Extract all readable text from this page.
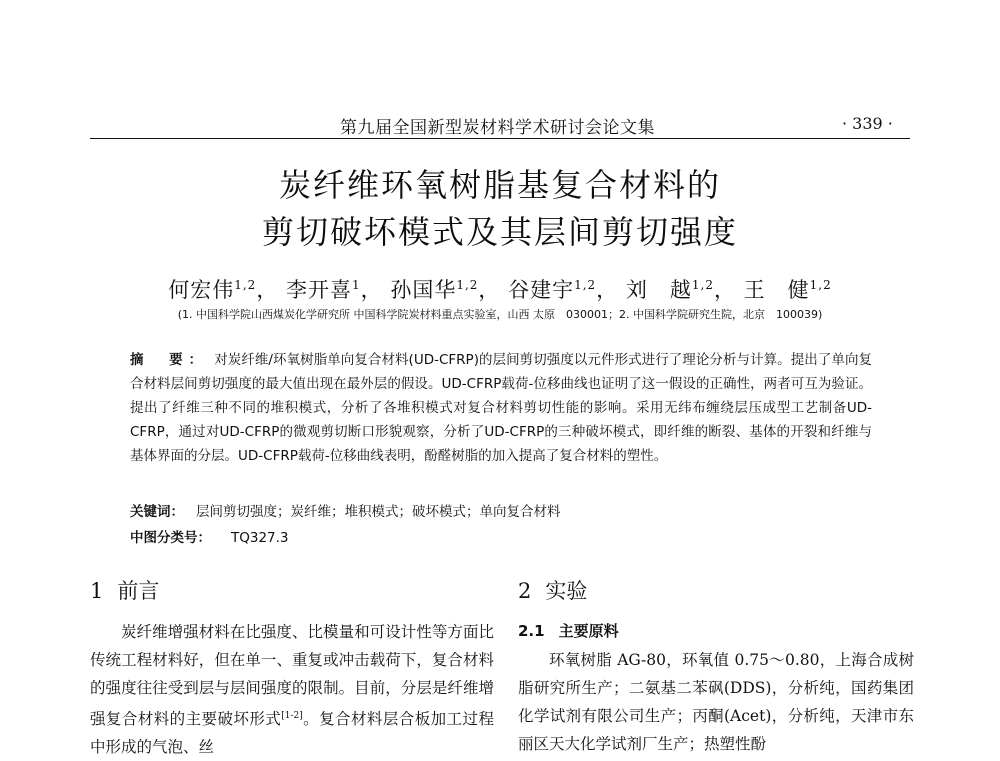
第九届全国新型炭材料学术研讨会论文集	· 339 ·
炭纤维环氧树脂基复合材料的
剪切破坏模式及其层间剪切强度
何宏伟$^{1,2}$， 李开喜$^1$， 孙国华$^{1,2}$， 谷建宇$^{1,2}$， 刘　越$^{1,2}$， 王　健$^{1,2}$
(1. 中国科学院山西煤炭化学研究所 中国科学院炭材料重点实验室，山西 太原　030001；2. 中国科学院研究生院，北京　100039)
摘　要： 对炭纤维/环氧树脂单向复合材料(UD-CFRP)的层间剪切强度以元件形式进行了理论分析与计算。提出了单向复合材料层间剪切强度的最大值出现在最外层的假设。UD-CFRP载荷-位移曲线也证明了这一假设的正确性，两者可互为验证。提出了纤维三种不同的堆积模式，分析了各堆积模式对复合材料剪切性能的影响。采用无纬布缠绕层压成型工艺制备UD-CFRP，通过对UD-CFRP的微观剪切断口形貌观察，分析了UD-CFRP的三种破坏模式，即纤维的断裂、基体的开裂和纤维与基体界面的分层。UD-CFRP载荷-位移曲线表明，酚醛树脂的加入提高了复合材料的塑性。
关键词： 层间剪切强度；炭纤维；堆积模式；破坏模式；单向复合材料
中图分类号： TQ327.3
1 前言
炭纤维增强材料在比强度、比模量和可设计性等方面比传统工程材料好，但在单一、重复或冲击载荷下，复合材料的强度往往受到层与层间强度的限制。目前，分层是纤维增强复合材料的主要破坏形式[1-2]。复合材料层合板加工过程中形成的气泡、丝
2 实验
2.1 主要原料
环氧树脂 AG-80，环氧值 0.75～0.80，上海合成树脂研究所生产；二氨基二苯砜(DDS)，分析纯，国药集团化学试剂有限公司生产；丙酮(Acet)，分析纯，天津市东丽区天大化学试剂厂生产；热塑性酚
